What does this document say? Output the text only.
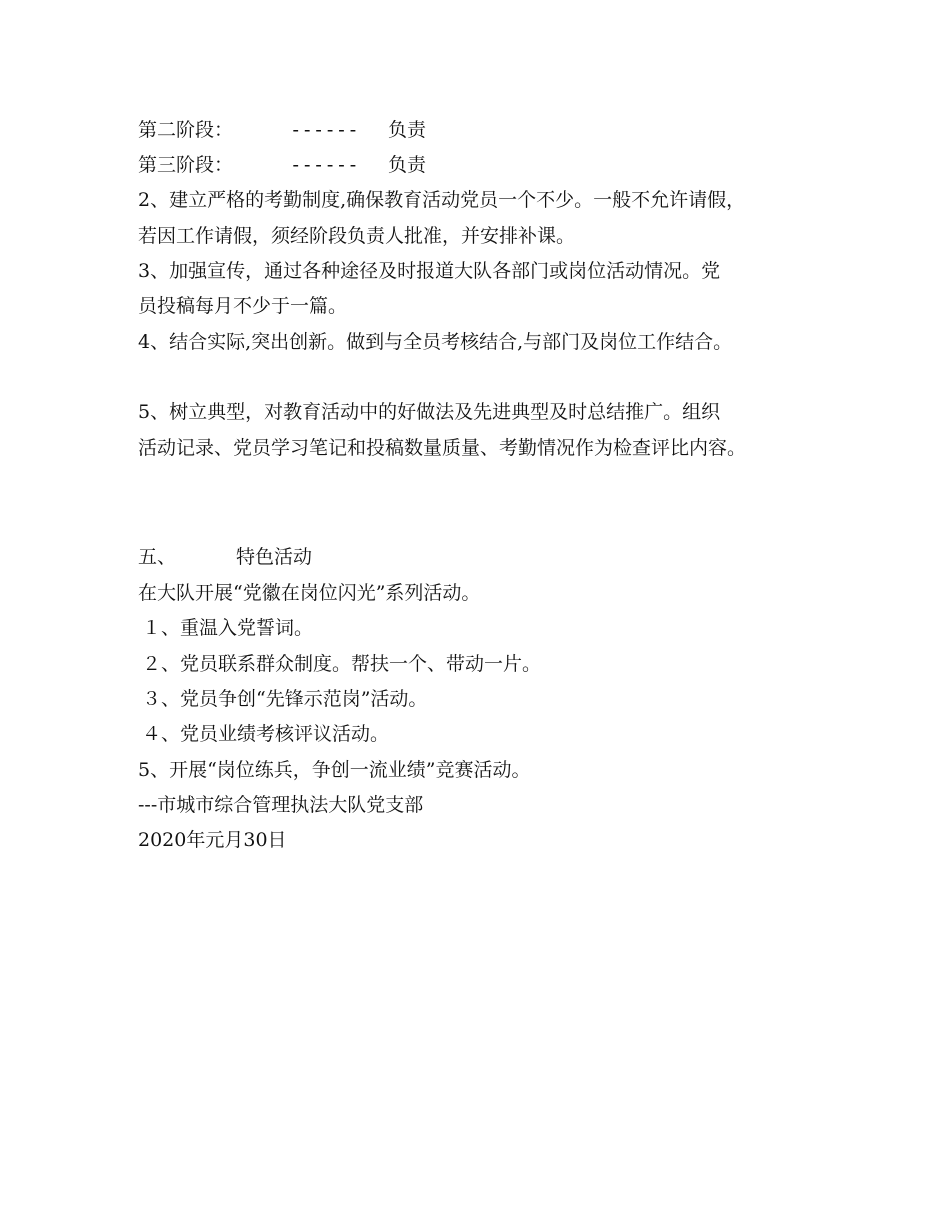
第二阶段：	------ 负责
第三阶段：	------ 负责
2、建立严格的考勤制度,确保教育活动党员一个不少。一般不允许请假，
若因工作请假，须经阶段负责人批准，并安排补课。
3、加强宣传，通过各种途径及时报道大队各部门或岗位活动情况。党
员投稿每月不少于一篇。
4、结合实际,突出创新。做到与全员考核结合,与部门及岗位工作结合。
5、树立典型，对教育活动中的好做法及先进典型及时总结推广。组织
活动记录、党员学习笔记和投稿数量质量、考勤情况作为检查评比内容。
五、	特色活动
在大队开展“党徽在岗位闪光”系列活动。
１、重温入党誓词。
２、党员联系群众制度。帮扶一个、带动一片。
３、党员争创“先锋示范岗”活动。
４、党员业绩考核评议活动。
5、开展“岗位练兵，争创一流业绩”竞赛活动。
---市城市综合管理执法大队党支部
2020年元月30日
